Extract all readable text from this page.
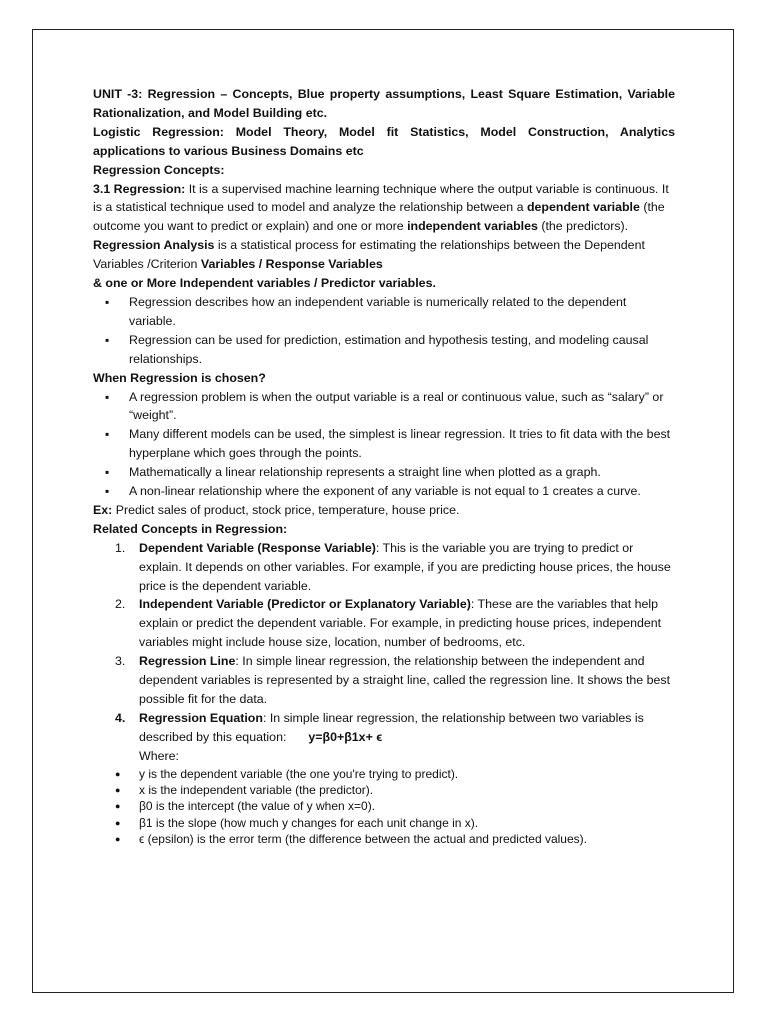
UNIT -3: Regression – Concepts, Blue property assumptions, Least Square Estimation, Variable Rationalization, and Model Building etc.

Logistic Regression: Model Theory, Model fit Statistics, Model Construction, Analytics applications to various Business Domains etc

Regression Concepts:

3.1 Regression: It is a supervised machine learning technique where the output variable is continuous. It is a statistical technique used to model and analyze the relationship between a dependent variable (the outcome you want to predict or explain) and one or more independent variables (the predictors).

Regression Analysis is a statistical process for estimating the relationships between the Dependent Variables /Criterion Variables / Response Variables

& one or More Independent variables / Predictor variables.

▪ Regression describes how an independent variable is numerically related to the dependent variable.
▪ Regression can be used for prediction, estimation and hypothesis testing, and modeling causal relationships.

When Regression is chosen?

▪ A regression problem is when the output variable is a real or continuous value, such as “salary” or “weight”.
▪ Many different models can be used, the simplest is linear regression. It tries to fit data with the best hyperplane which goes through the points.
▪ Mathematically a linear relationship represents a straight line when plotted as a graph.
▪ A non-linear relationship where the exponent of any variable is not equal to 1 creates a curve.

Ex: Predict sales of product, stock price, temperature, house price.

Related Concepts in Regression:

1. Dependent Variable (Response Variable): This is the variable you are trying to predict or explain. It depends on other variables. For example, if you are predicting house prices, the house price is the dependent variable.
2. Independent Variable (Predictor or Explanatory Variable): These are the variables that help explain or predict the dependent variable. For example, in predicting house prices, independent variables might include house size, location, number of bedrooms, etc.
3. Regression Line: In simple linear regression, the relationship between the independent and dependent variables is represented by a straight line, called the regression line. It shows the best possible fit for the data.
4. Regression Equation: In simple linear regression, the relationship between two variables is described by this equation: y=β0+β1x+ ϵ
Where:
● y is the dependent variable (the one you're trying to predict).
● x is the independent variable (the predictor).
● β0 is the intercept (the value of y when x=0).
● β1 is the slope (how much y changes for each unit change in x).
● ϵ (epsilon) is the error term (the difference between the actual and predicted values).
